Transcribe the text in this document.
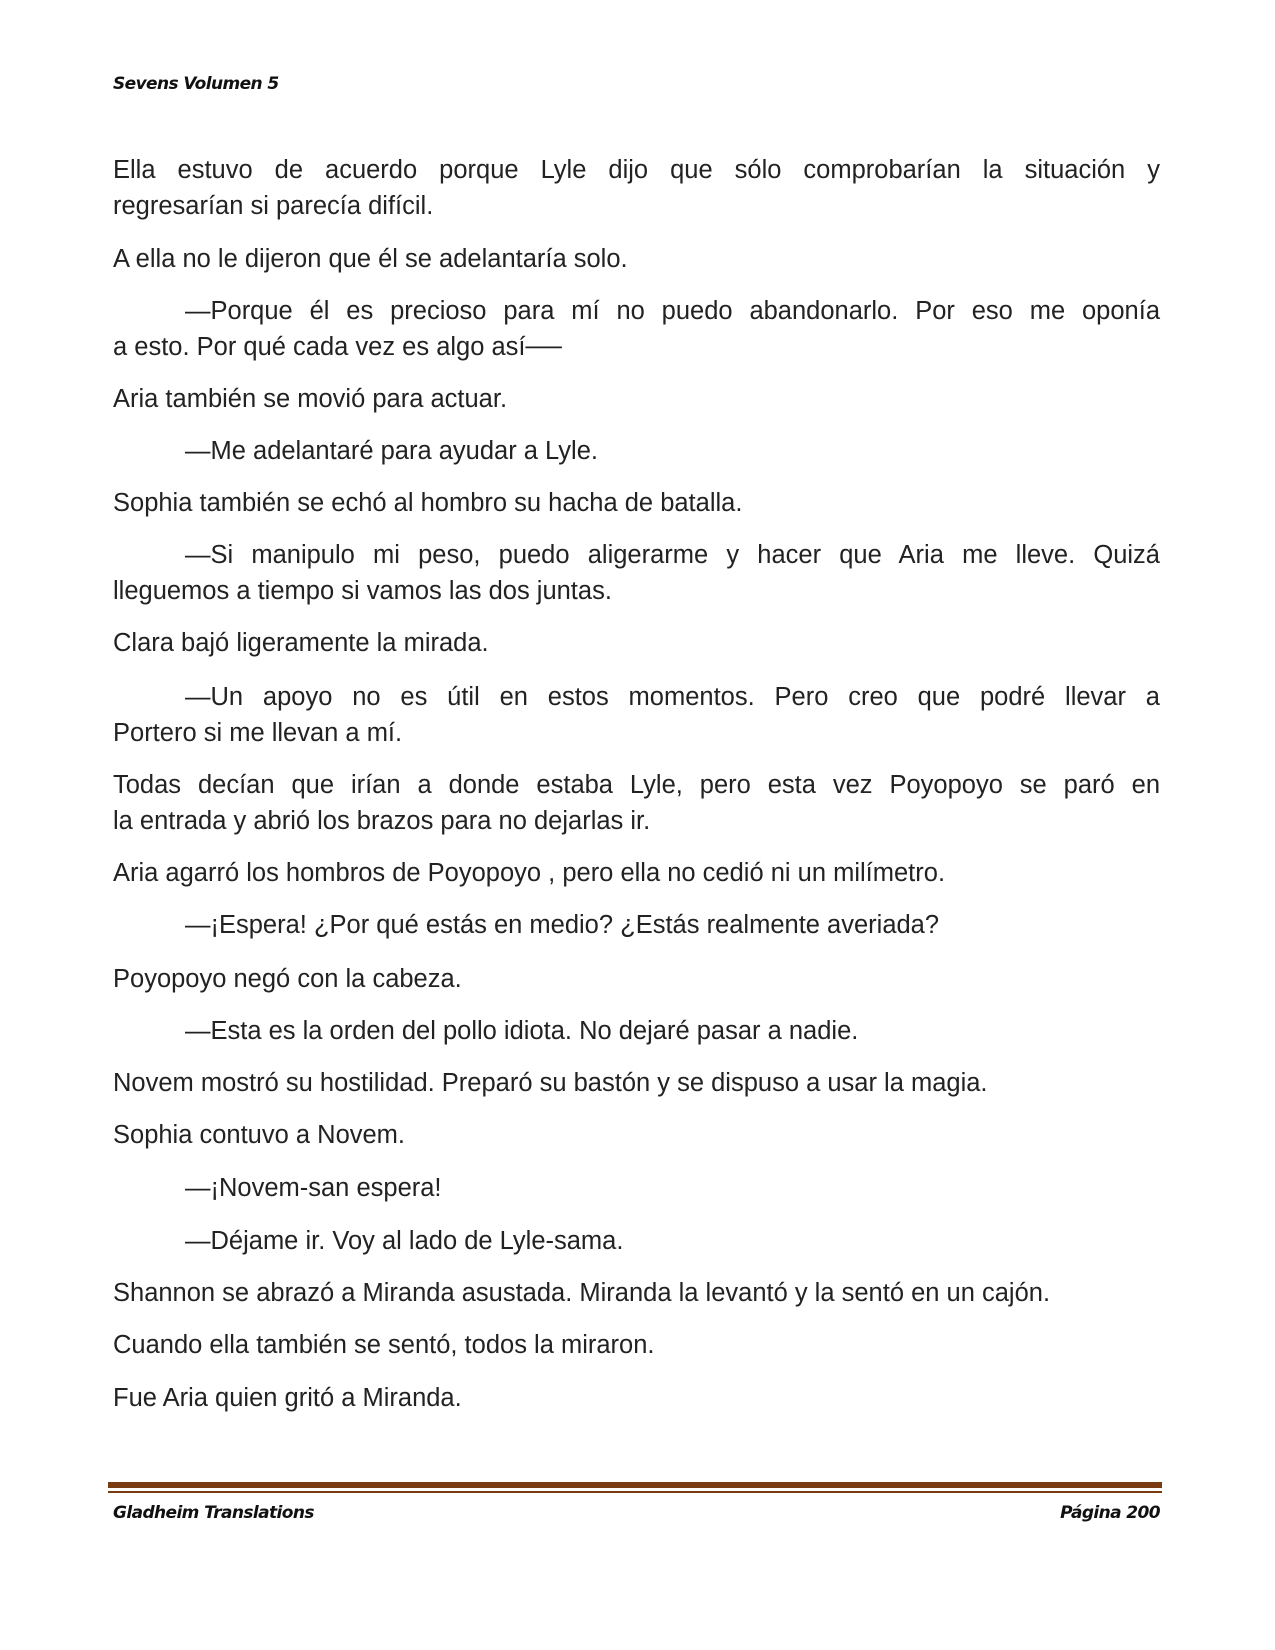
Sevens Volumen 5
Ella estuvo de acuerdo porque Lyle dijo que sólo comprobarían la situación y
regresarían si parecía difícil.
A ella no le dijeron que él se adelantaría solo.
—Porque él es precioso para mí no puedo abandonarlo. Por eso me oponía
a esto. Por qué cada vez es algo así──
Aria también se movió para actuar.
—Me adelantaré para ayudar a Lyle.
Sophia también se echó al hombro su hacha de batalla.
—Si manipulo mi peso, puedo aligerarme y hacer que Aria me lleve. Quizá
lleguemos a tiempo si vamos las dos juntas.
Clara bajó ligeramente la mirada.
—Un apoyo no es útil en estos momentos. Pero creo que podré llevar a
Portero si me llevan a mí.
Todas decían que irían a donde estaba Lyle, pero esta vez Poyopoyo se paró en
la entrada y abrió los brazos para no dejarlas ir.
Aria agarró los hombros de Poyopoyo , pero ella no cedió ni un milímetro.
—¡Espera! ¿Por qué estás en medio? ¿Estás realmente averiada?
Poyopoyo negó con la cabeza.
—Esta es la orden del pollo idiota. No dejaré pasar a nadie.
Novem mostró su hostilidad. Preparó su bastón y se dispuso a usar la magia.
Sophia contuvo a Novem.
—¡Novem-san espera!
—Déjame ir. Voy al lado de Lyle-sama.
Shannon se abrazó a Miranda asustada. Miranda la levantó y la sentó en un cajón.
Cuando ella también se sentó, todos la miraron.
Fue Aria quien gritó a Miranda.
Gladheim Translations	Página 200
